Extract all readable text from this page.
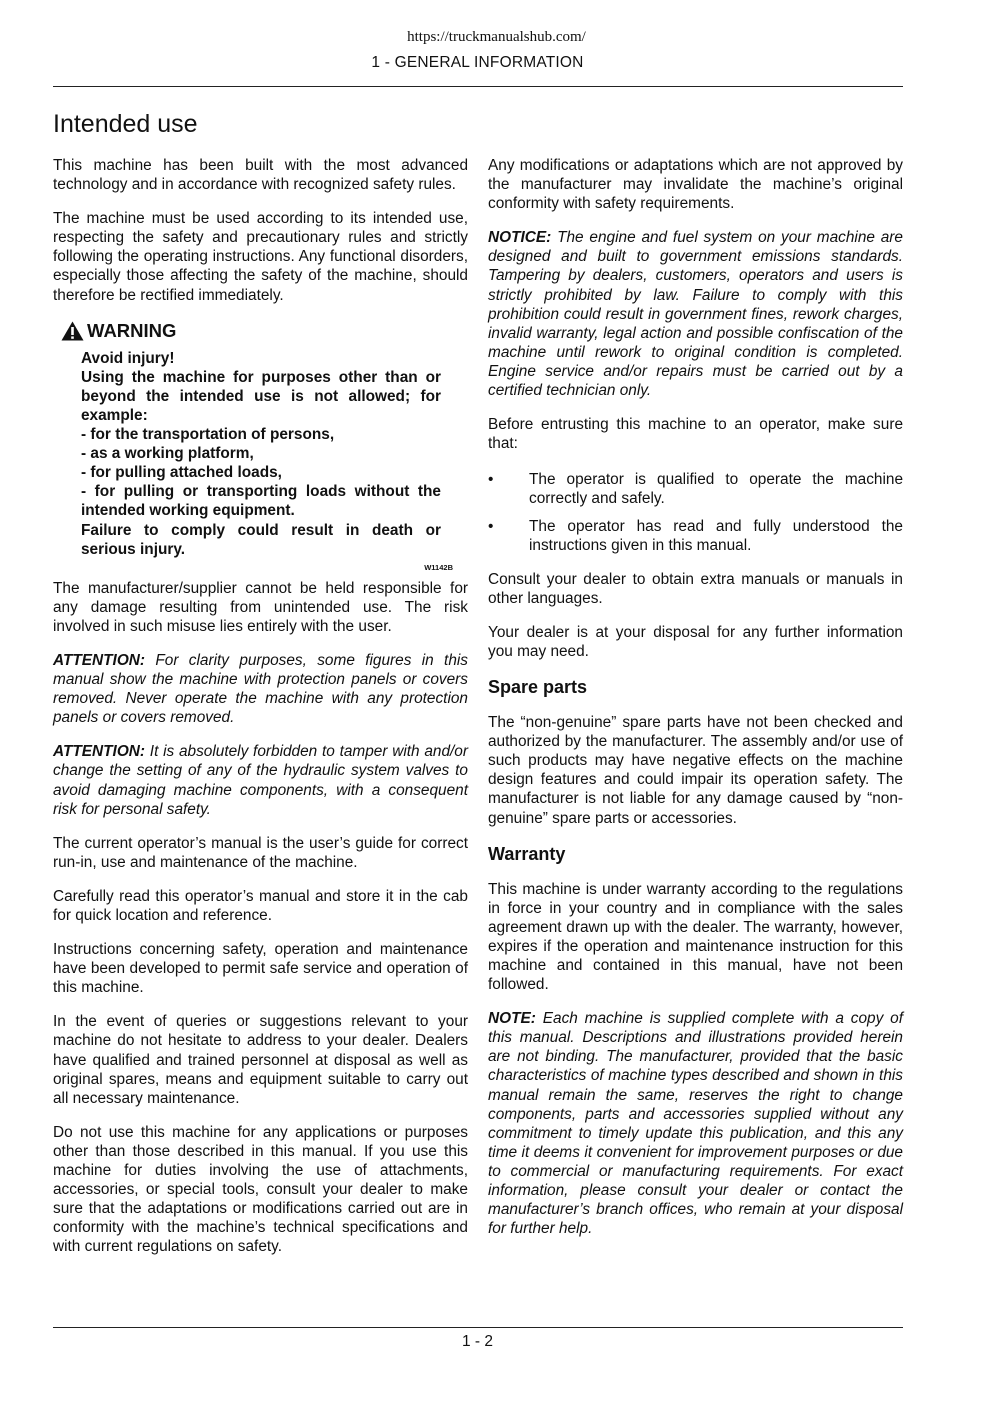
https://truckmanualshub.com/
1 - GENERAL INFORMATION
Intended use

This machine has been built with the most advanced technology and in accordance with recognized safety rules.

The machine must be used according to its intended use, respecting the safety and precautionary rules and strictly following the operating instructions. Any functional disorders, especially those affecting the safety of the machine, should therefore be rectified immediately.

WARNING
Avoid injury!
Using the machine for purposes other than or beyond the intended use is not allowed; for example:
- for the transportation of persons,
- as a working platform,
- for pulling attached loads,
- for pulling or transporting loads without the intended working equipment.
Failure to comply could result in death or serious injury.
W1142B

The manufacturer/supplier cannot be held responsible for any damage resulting from unintended use. The risk involved in such misuse lies entirely with the user.

ATTENTION: For clarity purposes, some figures in this manual show the machine with protection panels or covers removed. Never operate the machine with any protection panels or covers removed.

ATTENTION: It is absolutely forbidden to tamper with and/or change the setting of any of the hydraulic system valves to avoid damaging machine components, with a consequent risk for personal safety.

The current operator’s manual is the user’s guide for correct run-in, use and maintenance of the machine.

Carefully read this operator’s manual and store it in the cab for quick location and reference.

Instructions concerning safety, operation and maintenance have been developed to permit safe service and operation of this machine.

In the event of queries or suggestions relevant to your machine do not hesitate to address to your dealer. Dealers have qualified and trained personnel at disposal as well as original spares, means and equipment suitable to carry out all necessary maintenance.

Do not use this machine for any applications or purposes other than those described in this manual. If you use this machine for duties involving the use of attachments, accessories, or special tools, consult your dealer to make sure that the adaptations or modifications carried out are in conformity with the machine’s technical specifications and with current regulations on safety.

Any modifications or adaptations which are not approved by the manufacturer may invalidate the machine’s original conformity with safety requirements.

NOTICE: The engine and fuel system on your machine are designed and built to government emissions standards. Tampering by dealers, customers, operators and users is strictly prohibited by law. Failure to comply with this prohibition could result in government fines, rework charges, invalid warranty, legal action and possible confiscation of the machine until rework to original condition is completed. Engine service and/or repairs must be carried out by a certified technician only.

Before entrusting this machine to an operator, make sure that:

• The operator is qualified to operate the machine correctly and safely.
• The operator has read and fully understood the instructions given in this manual.

Consult your dealer to obtain extra manuals or manuals in other languages.

Your dealer is at your disposal for any further information you may need.

Spare parts

The “non-genuine” spare parts have not been checked and authorized by the manufacturer. The assembly and/or use of such products may have negative effects on the machine design features and could impair its operation safety. The manufacturer is not liable for any damage caused by “non-genuine” spare parts or accessories.

Warranty

This machine is under warranty according to the regulations in force in your country and in compliance with the sales agreement drawn up with the dealer. The warranty, however, expires if the operation and maintenance instruction for this machine and contained in this manual, have not been followed.

NOTE: Each machine is supplied complete with a copy of this manual. Descriptions and illustrations provided herein are not binding. The manufacturer, provided that the basic characteristics of machine types described and shown in this manual remain the same, reserves the right to change components, parts and accessories supplied without any commitment to timely update this publication, and this any time it deems it convenient for improvement purposes or due to commercial or manufacturing requirements. For exact information, please consult your dealer or contact the manufacturer’s branch offices, who remain at your disposal for further help.

1 - 2
